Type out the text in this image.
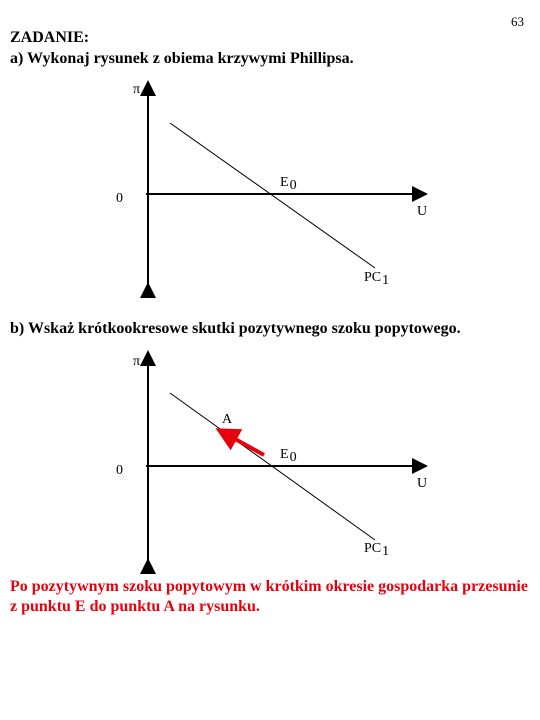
63
ZADANIE:
a) Wykonaj rysunek z obiema krzywymi Phillipsa.
π
0
U
E0
PC1
b) Wskaż krótkookresowe skutki pozytywnego szoku popytowego.
π
0
U
A
E0
PC1
Po pozytywnym szoku popytowym w krótkim okresie gospodarka przesunie z punktu E do punktu A na rysunku.
